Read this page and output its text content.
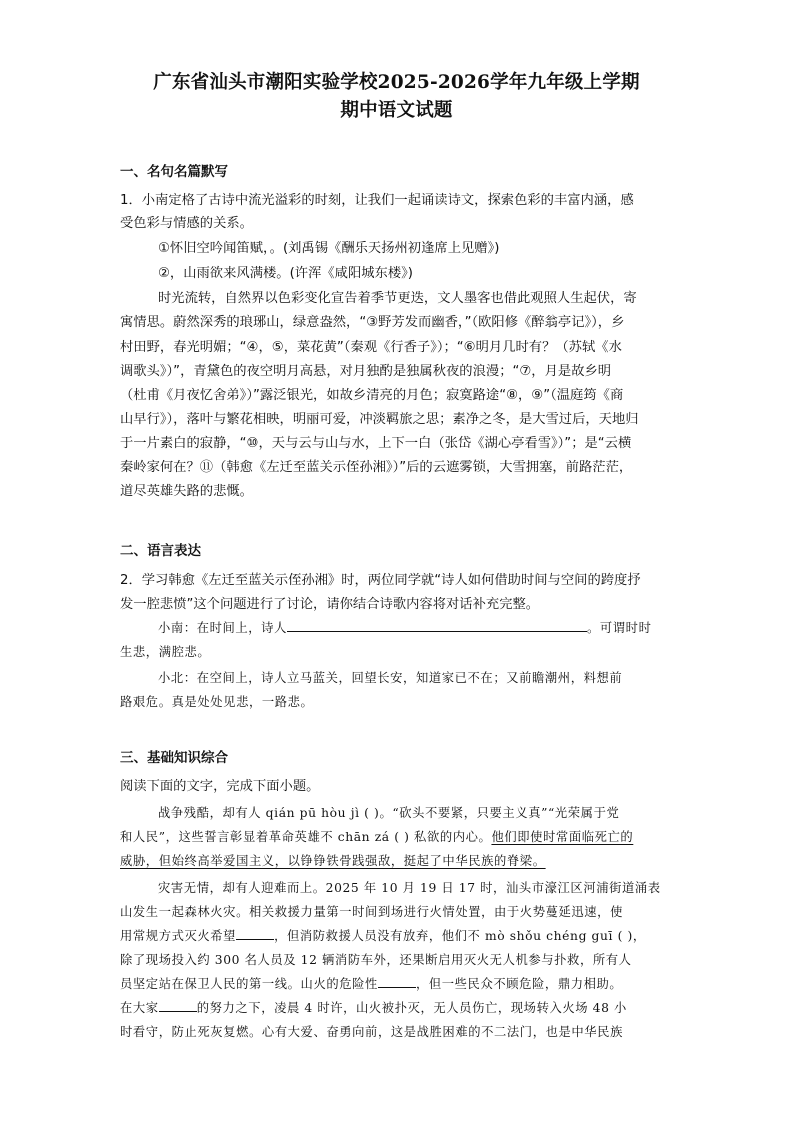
广东省汕头市潮阳实验学校2025-2026学年九年级上学期
期中语文试题
一、名句名篇默写
1．小南定格了古诗中流光溢彩的时刻，让我们一起诵读诗文，探索色彩的丰富内涵，感
受色彩与情感的关系。
①怀旧空吟闻笛赋，。(刘禹锡《酬乐天扬州初逢席上见赠》)
②，山雨欲来风满楼。(许浑《咸阳城东楼》)
时光流转，自然界以色彩变化宣告着季节更迭，文人墨客也借此观照人生起伏，寄
寓情思。蔚然深秀的琅琊山，绿意盎然，“③野芳发而幽香，”（欧阳修《醉翁亭记》），乡
村田野，春光明媚；“④，⑤，菜花黄”（秦观《行香子》）；“⑥明月几时有？（苏轼《水
调歌头》）”，青黛色的夜空明月高悬，对月独酌是独属秋夜的浪漫；“⑦，月是故乡明
（杜甫《月夜忆舍弟》）”露泛银光，如故乡清亮的月色；寂寞路途“⑧，⑨”（温庭筠《商
山早行》），落叶与繁花相映，明丽可爱，冲淡羁旅之思；素净之冬，是大雪过后，天地归
于一片素白的寂静，“⑩，天与云与山与水，上下一白（张岱《湖心亭看雪》）”；是“云横
秦岭家何在？⑪（韩愈《左迁至蓝关示侄孙湘》）”后的云遮雾锁，大雪拥塞，前路茫茫，
道尽英雄失路的悲慨。
二、语言表达
2．学习韩愈《左迁至蓝关示侄孙湘》时，两位同学就“诗人如何借助时间与空间的跨度抒
发一腔悲愤”这个问题进行了讨论，请你结合诗歌内容将对话补充完整。
小南：在时间上，诗人	。可谓时时
生悲，满腔悲。
小北：在空间上，诗人立马蓝关，回望长安，知道家已不在；又前瞻潮州，料想前
路艰危。真是处处见悲，一路悲。
三、基础知识综合
阅读下面的文字，完成下面小题。
战争残酷，却有人 qián pū hòu jì ( )。“砍头不要紧，只要主义真”“光荣属于党
和人民”，这些誓言彰显着革命英雄不 chān zá ( ) 私欲的内心。他们即使时常面临死亡的
威胁，但始终高举爱国主义，以铮铮铁骨践强敌，挺起了中华民族的脊梁。
灾害无情，却有人迎难而上。2025 年 10 月 19 日 17 时，汕头市濠江区河浦街道涌表
山发生一起森林火灾。相关救援力量第一时间到场进行火情处置，由于火势蔓延迅速，使
用常规方式灭火希望	，但消防救援人员没有放弃，他们不 mò shǒu chéng guī ( )，
除了现场投入约 300 名人员及 12 辆消防车外，还果断启用灭火无人机参与扑救，所有人
员坚定站在保卫人民的第一线。山火的危险性	，但一些民众不顾危险，鼎力相助。
在大家	的努力之下，凌晨 4 时许，山火被扑灭，无人员伤亡，现场转入火场 48 小
时看守，防止死灰复燃。心有大爱、奋勇向前，这是战胜困难的不二法门，也是中华民族
